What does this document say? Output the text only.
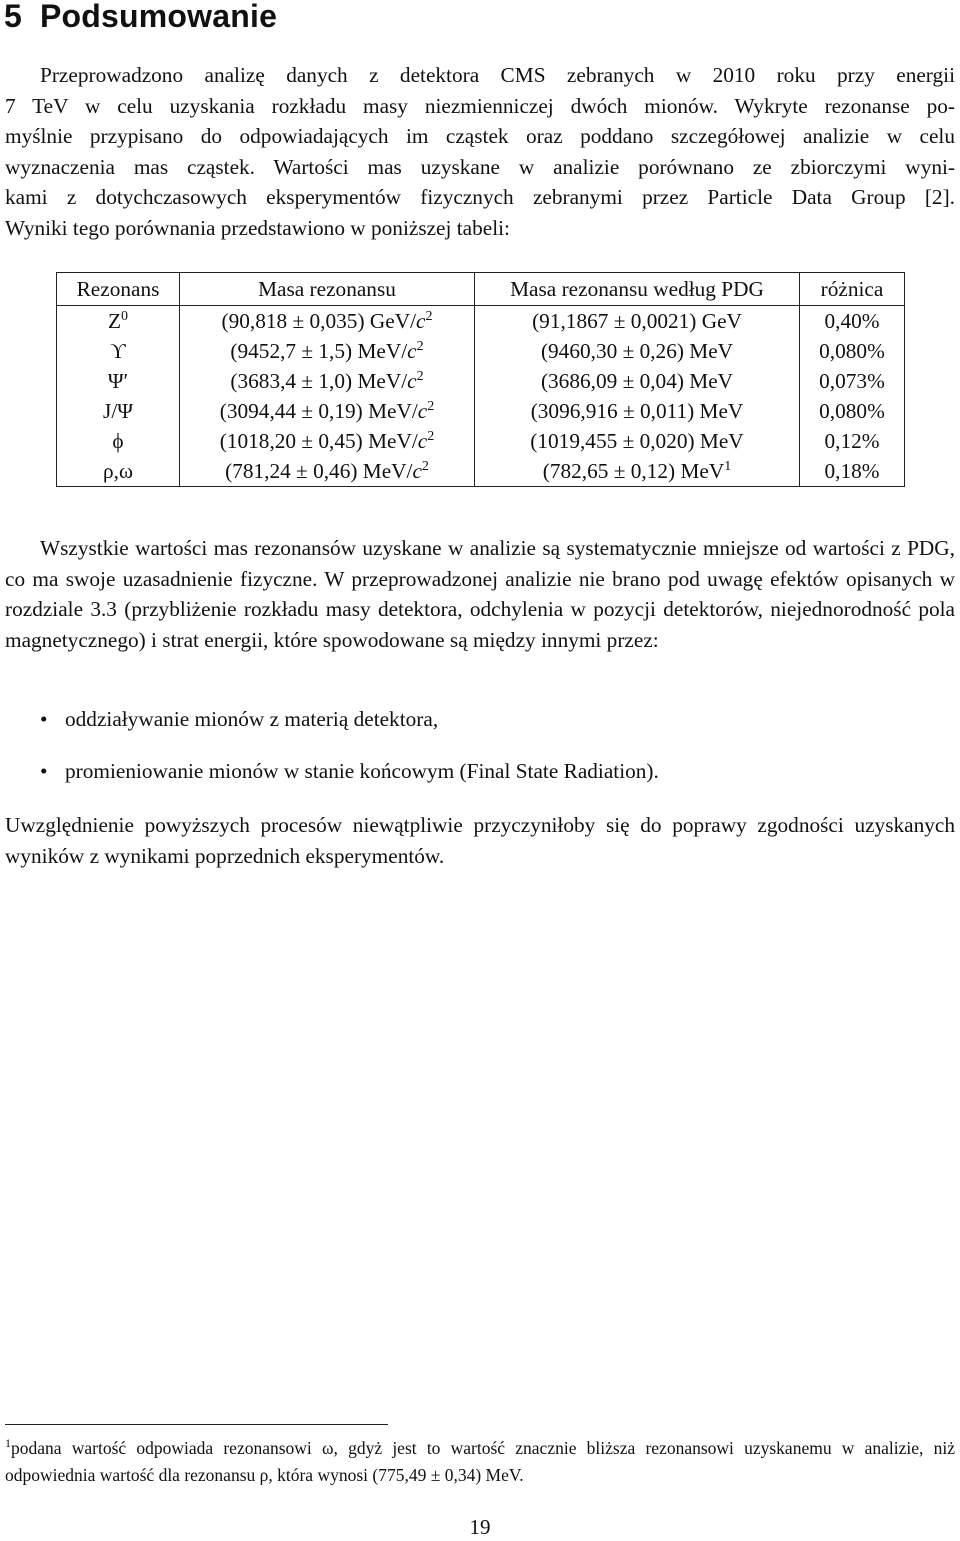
5 Podsumowanie
Przeprowadzono analizę danych z detektora CMS zebranych w 2010 roku przy energii
7 TeV w celu uzyskania rozkładu masy niezmienniczej dwóch mionów. Wykryte rezonanse po-
myślnie przypisano do odpowiadających im cząstek oraz poddano szczegółowej analizie w celu
wyznaczenia mas cząstek. Wartości mas uzyskane w analizie porównano ze zbiorczymi wyni-
kami z dotychczasowych eksperymentów fizycznych zebranymi przez Particle Data Group [2].
Wyniki tego porównania przedstawiono w poniższej tabeli:
Rezonans	Masa rezonansu	Masa rezonansu według PDG	różnica
$Z^0$	(90,818 ± 0,035) GeV/$c^2$	(91,1867 ± 0,0021) GeV	0,40%
ϒ	(9452,7 ± 1,5) MeV/$c^2$	(9460,30 ± 0,26) MeV	0,080%
Ψ′	(3683,4 ± 1,0) MeV/$c^2$	(3686,09 ± 0,04) MeV	0,073%
J/Ψ	(3094,44 ± 0,19) MeV/$c^2$	(3096,916 ± 0,011) MeV	0,080%
ϕ	(1018,20 ± 0,45) MeV/$c^2$	(1019,455 ± 0,020) MeV	0,12%
ρ,ω	(781,24 ± 0,46) MeV/$c^2$	(782,65 ± 0,12) MeV$^1$	0,18%
Wszystkie wartości mas rezonansów uzyskane w analizie są systematycznie mniejsze od wartości z PDG, co ma swoje uzasadnienie fizyczne. W przeprowadzonej analizie nie brano pod uwagę efektów opisanych w rozdziale 3.3 (przybliżenie rozkładu masy detektora, odchylenia w pozycji detektorów, niejednorodność pola magnetycznego) i strat energii, które spowodowane są między innymi przez:
• oddziaływanie mionów z materią detektora,
• promieniowanie mionów w stanie końcowym (Final State Radiation).
Uwzględnienie powyższych procesów niewątpliwie przyczyniłoby się do poprawy zgodności uzyskanych wyników z wynikami poprzednich eksperymentów.
$^1$podana wartość odpowiada rezonansowi ω, gdyż jest to wartość znacznie bliższa rezonansowi uzyskanemu w analizie, niż odpowiednia wartość dla rezonansu ρ, która wynosi (775,49 ± 0,34) MeV.
19
